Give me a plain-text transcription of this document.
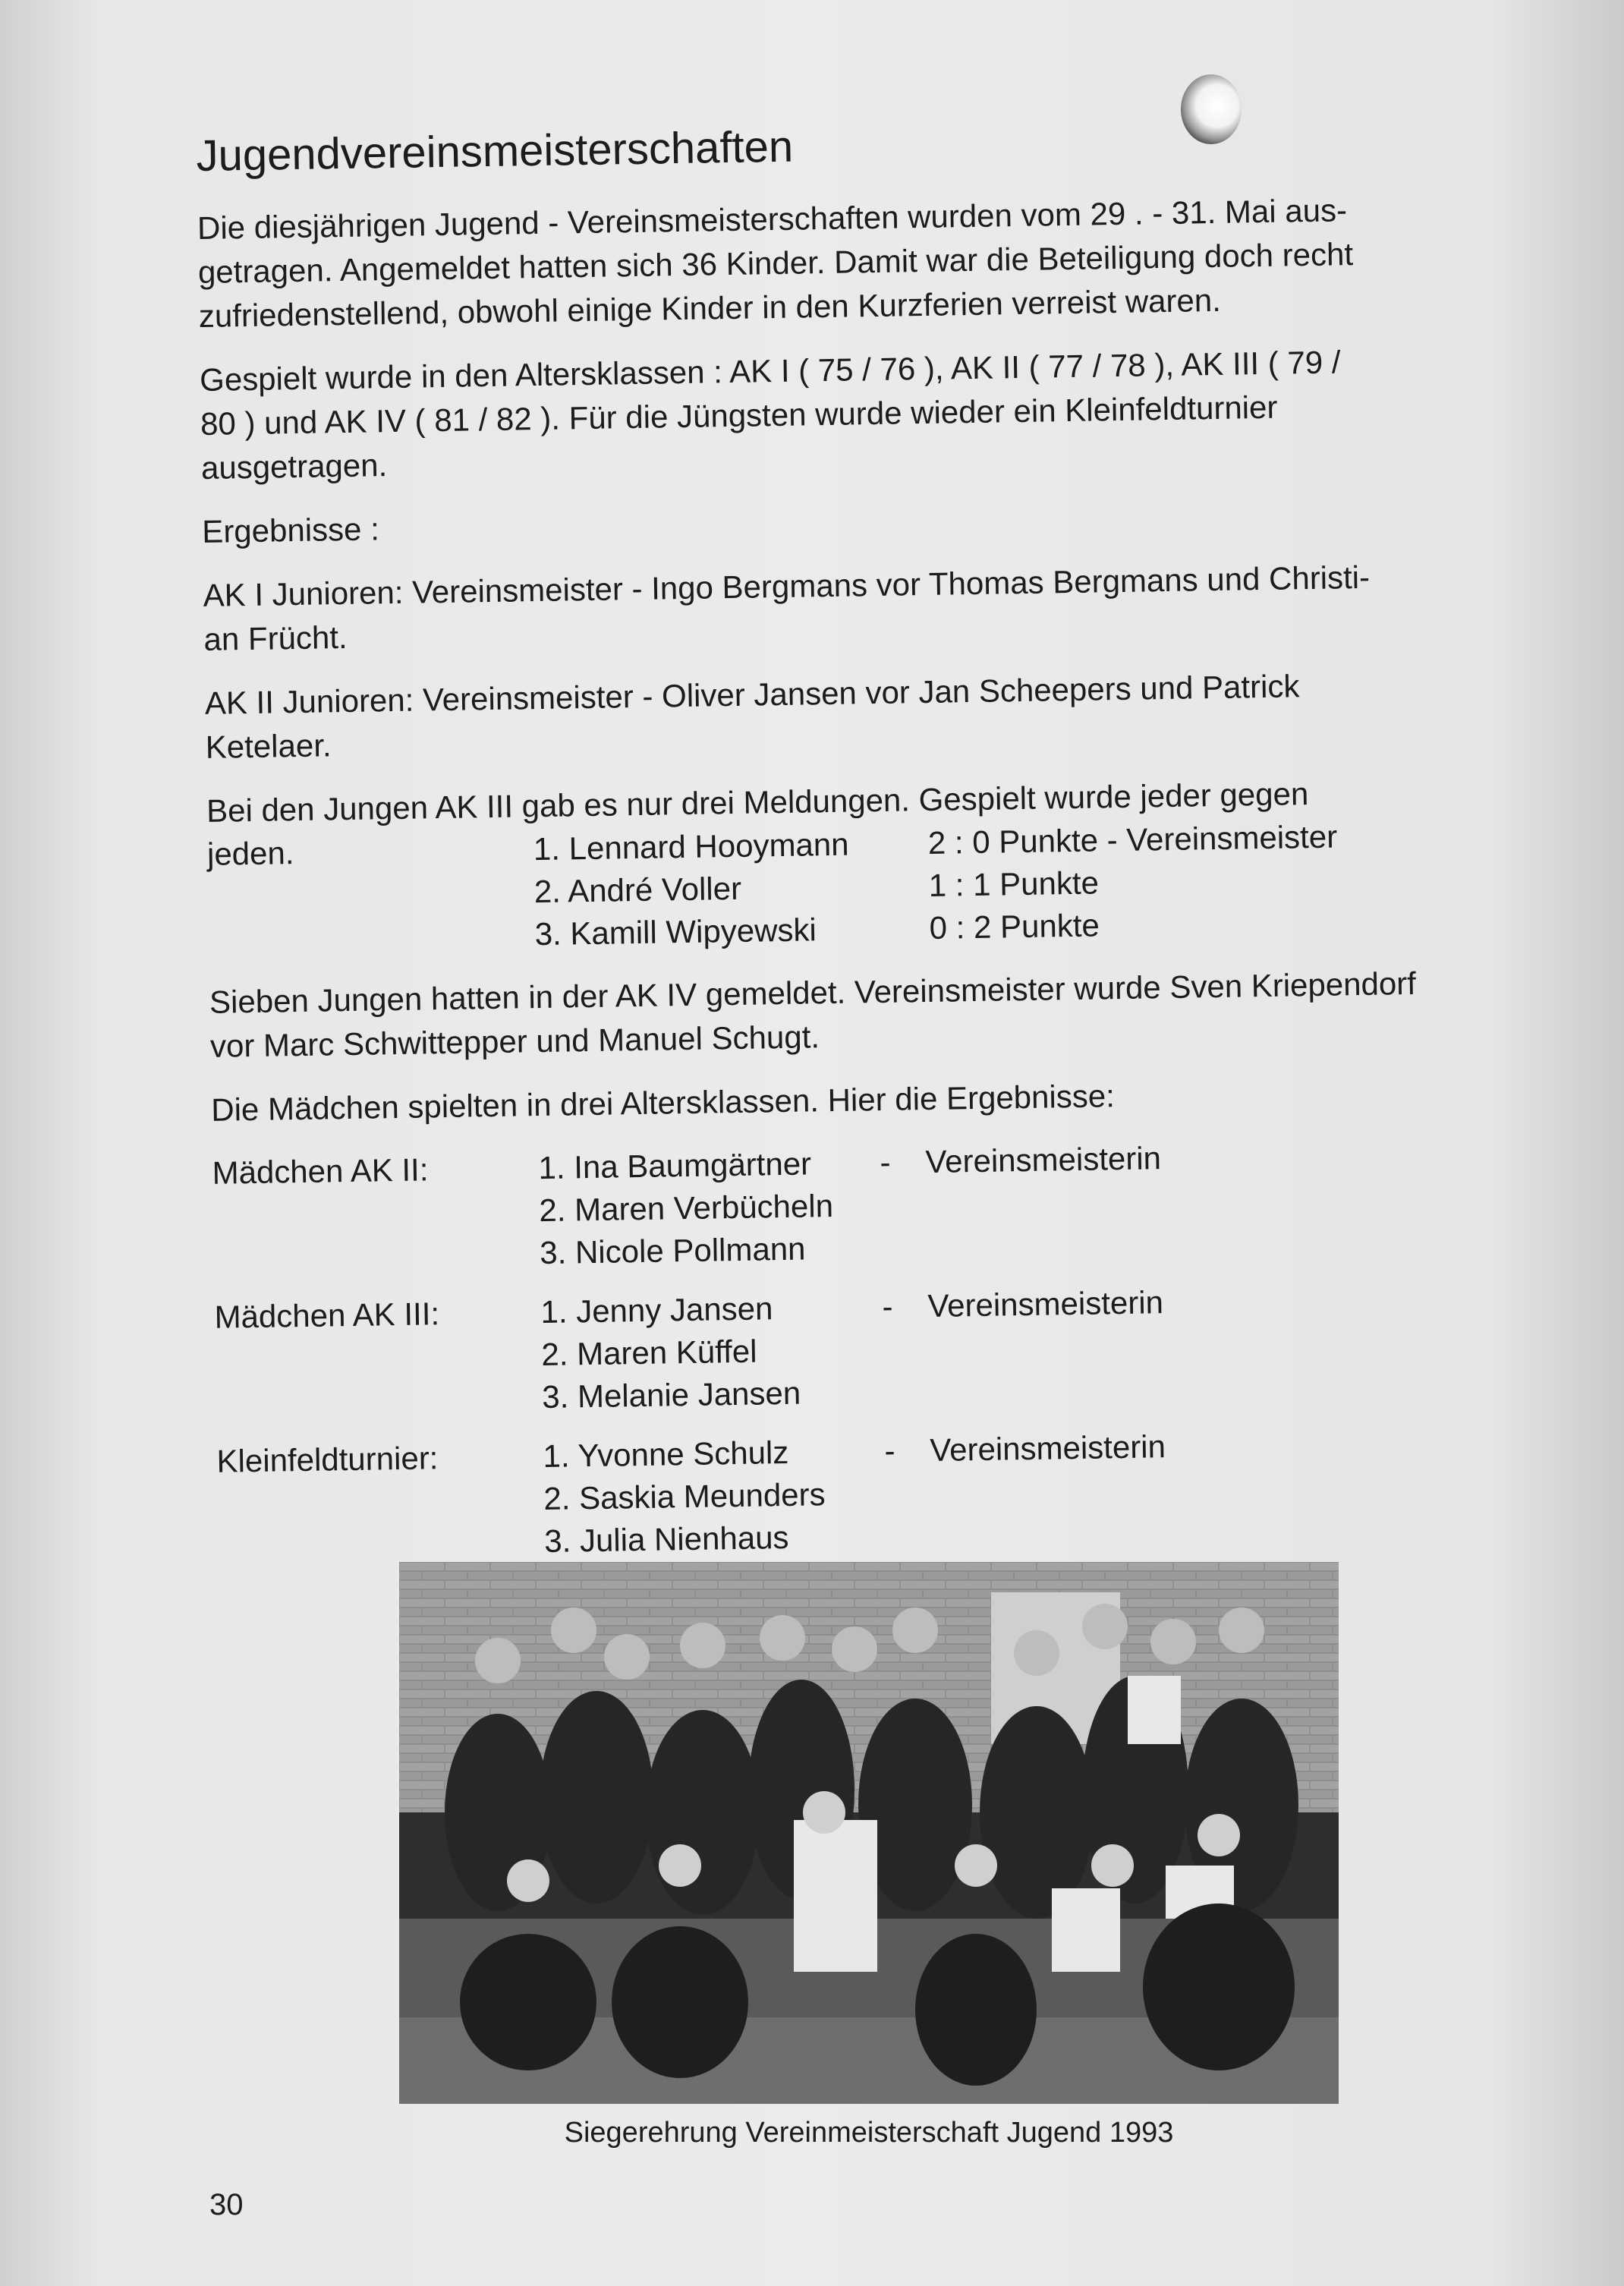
Jugendvereinsmeisterschaften

Die diesjährigen Jugend - Vereinsmeisterschaften wurden vom 29 . - 31. Mai aus-
getragen. Angemeldet hatten sich 36 Kinder. Damit war die Beteiligung doch recht
zufriedenstellend, obwohl einige Kinder in den Kurzferien verreist waren.

Gespielt wurde in den Altersklassen : AK I ( 75 / 76 ), AK II ( 77 / 78 ), AK III ( 79 /
80 ) und AK IV ( 81 / 82 ). Für die Jüngsten wurde wieder ein Kleinfeldturnier
ausgetragen.

Ergebnisse :

AK I Junioren: Vereinsmeister - Ingo Bergmans vor Thomas Bergmans und Christi-
an Frücht.

AK II Junioren: Vereinsmeister - Oliver Jansen vor Jan Scheepers und Patrick
Ketelaer.

Bei den Jungen AK III gab es nur drei Meldungen. Gespielt wurde jeder gegen

jeden.	1. Lennard Hooymann	2 : 0 Punkte - Vereinsmeister
2. André Voller	1 : 1 Punkte
3. Kamill Wipyewski	0 : 2 Punkte

Sieben Jungen hatten in der AK IV gemeldet. Vereinsmeister wurde Sven Kriependorf
vor Marc Schwittepper und Manuel Schugt.

Die Mädchen spielten in drei Altersklassen. Hier die Ergebnisse:

Mädchen AK II:	1. Ina Baumgärtner	-	Vereinsmeisterin
2. Maren Verbücheln
3. Nicole Pollmann
Mädchen AK III:	1. Jenny Jansen	-	Vereinsmeisterin
2. Maren Küffel
3. Melanie Jansen
Kleinfeldturnier:	1. Yvonne Schulz	-	Vereinsmeisterin
2. Saskia Meunders
3. Julia Nienhaus
Siegerehrung Vereinmeisterschaft Jugend 1993
30
